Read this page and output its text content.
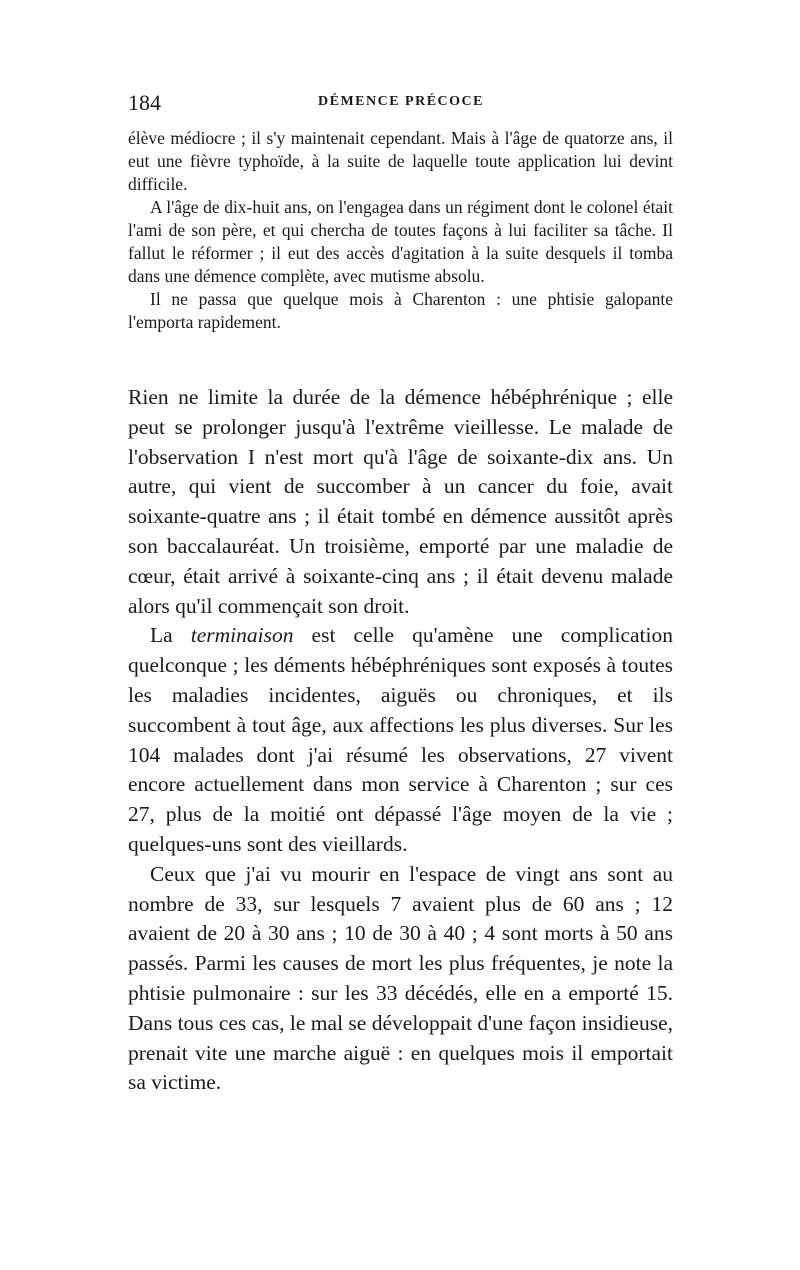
184	DÉMENCE PRÉCOCE

élève médiocre ; il s'y maintenait cependant. Mais à l'âge de quatorze ans, il eut une fièvre typhoïde, à la suite de laquelle toute application lui devint difficile.

A l'âge de dix-huit ans, on l'engagea dans un régiment dont le colonel était l'ami de son père, et qui chercha de toutes façons à lui faciliter sa tâche. Il fallut le réformer ; il eut des accès d'agitation à la suite desquels il tomba dans une démence complète, avec mutisme absolu.

Il ne passa que quelque mois à Charenton : une phtisie galopante l'emporta rapidement.

Rien ne limite la durée de la démence hébéphrénique ; elle peut se prolonger jusqu'à l'extrême vieillesse. Le malade de l'observation I n'est mort qu'à l'âge de soixante-dix ans. Un autre, qui vient de succomber à un cancer du foie, avait soixante-quatre ans ; il était tombé en démence aussitôt après son baccalauréat. Un troisième, emporté par une maladie de cœur, était arrivé à soixante-cinq ans ; il était devenu malade alors qu'il commençait son droit.

La terminaison est celle qu'amène une complication quelconque ; les déments hébéphréniques sont exposés à toutes les maladies incidentes, aiguës ou chroniques, et ils succombent à tout âge, aux affections les plus diverses. Sur les 104 malades dont j'ai résumé les observations, 27 vivent encore actuellement dans mon service à Charenton ; sur ces 27, plus de la moitié ont dépassé l'âge moyen de la vie ; quelques-uns sont des vieillards.

Ceux que j'ai vu mourir en l'espace de vingt ans sont au nombre de 33, sur lesquels 7 avaient plus de 60 ans ; 12 avaient de 20 à 30 ans ; 10 de 30 à 40 ; 4 sont morts à 50 ans passés. Parmi les causes de mort les plus fréquentes, je note la phtisie pulmonaire : sur les 33 décédés, elle en a emporté 15. Dans tous ces cas, le mal se développait d'une façon insidieuse, prenait vite une marche aiguë : en quelques mois il emportait sa victime.
